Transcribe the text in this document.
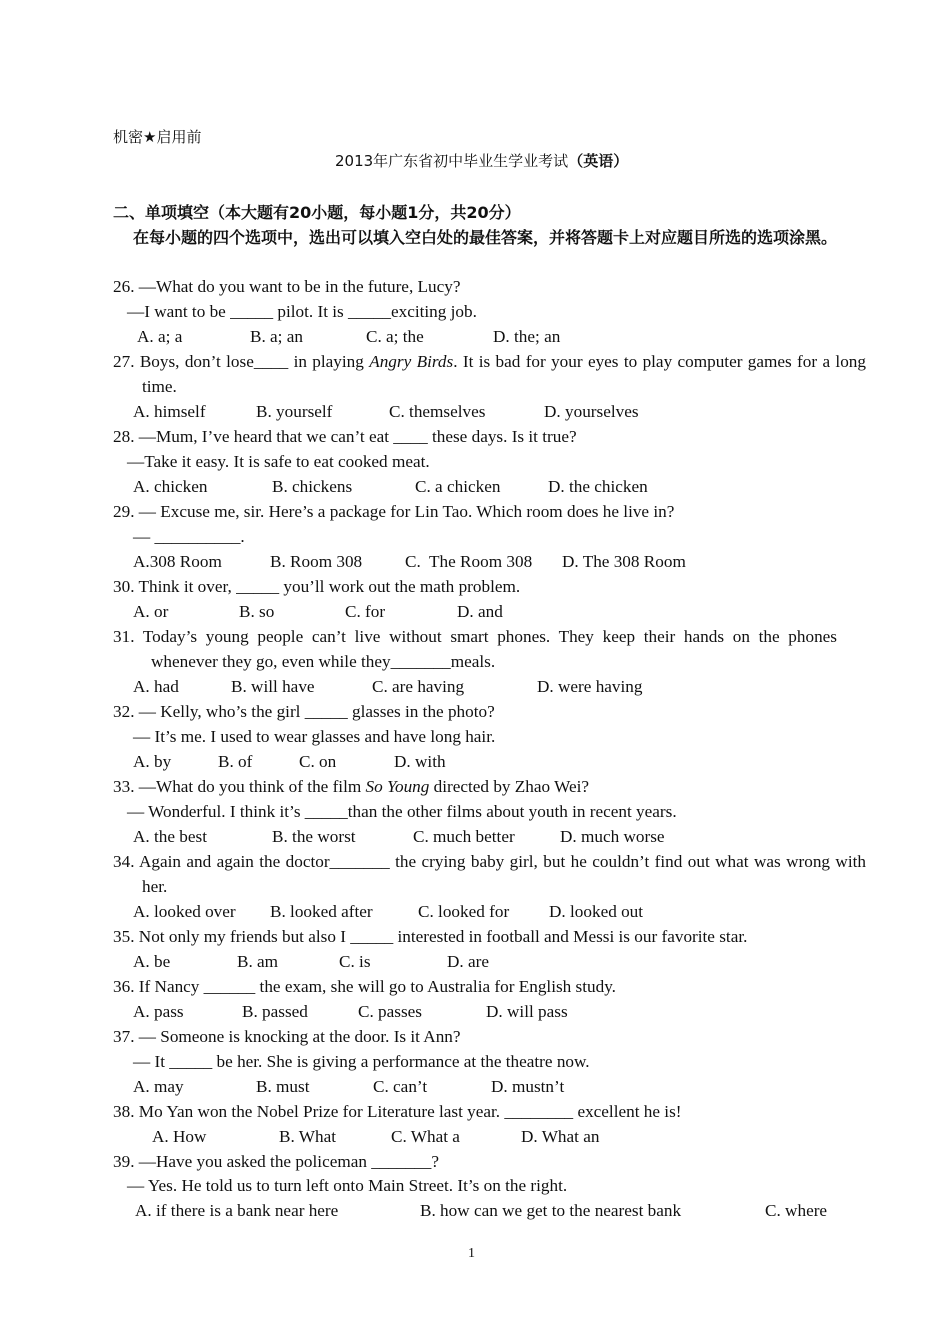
机密★启用前
2013年广东省初中毕业生学业考试（英语）
二、单项填空（本大题有20小题，每小题1分，共20分）
在每小题的四个选项中，选出可以填入空白处的最佳答案，并将答题卡上对应题目所选的选项涂黑。
26. —What do you want to be in the future, Lucy?
—I want to be _____ pilot. It is _____exciting job.

A. a; a

	B. a; an

	C. a; the

	D. the; an

27. Boys, don’t lose____ in playing Angry Birds. It is bad for your eyes to play computer games for a long time.

A. himself

	B. yourself

	C. themselves

	D. yourselves

28. —Mum, I’ve heard that we can’t eat ____ these days. Is it true?
—Take it easy. It is safe to eat cooked meat.

A. chicken

	B. chickens

	C. a chicken

	D. the chicken

29. — Excuse me, sir. Here’s a package for Lin Tao. Which room does he live in?
— __________.

A.308 Room

	B. Room 308

C.  The Room 308

D. The 308 Room

30. Think it over, _____ you’ll work out the math problem.

A. or

	B. so

	C. for

	D. and

31. Today’s young people can’t live without smart phones. They keep their hands on the phones whenever they go, even while they_______meals.

A. had

	B. will have

	C. are having

	D. were having

32. — Kelly, who’s the girl _____ glasses in the photo?
— It’s me. I used to wear glasses and have long hair.

A. by

	B. of

	C. on

	D. with

33. —What do you think of the film So Young directed by Zhao Wei?
— Wonderful. I think it’s _____than the other films about youth in recent years.

A. the best

	B. the worst

	C. much better

	D. much worse

34. Again and again the doctor_______ the crying baby girl, but he couldn’t find out what was wrong with her.

A. looked over

B. looked after

	C. looked for

D. looked out

35. Not only my friends but also I _____ interested in football and Messi is our favorite star.

A. be

	B. am

	C. is

	D. are

36. If Nancy ______ the exam, she will go to Australia for English study.

A. pass

	B. passed

	C. passes

	D. will pass

37. — Someone is knocking at the door. Is it Ann?
— It _____ be her. She is giving a performance at the theatre now.

A. may

	B. must

	C. can’t

	D. mustn’t

38. Mo Yan won the Nobel Prize for Literature last year. ________ excellent he is!

A. How

	B. What

	C. What a

	D. What an

39. —Have you asked the policeman _______?
— Yes. He told us to turn left onto Main Street. It’s on the right.

A. if there is a bank near here

	B. how can we get to the nearest bank

	C. where

1
